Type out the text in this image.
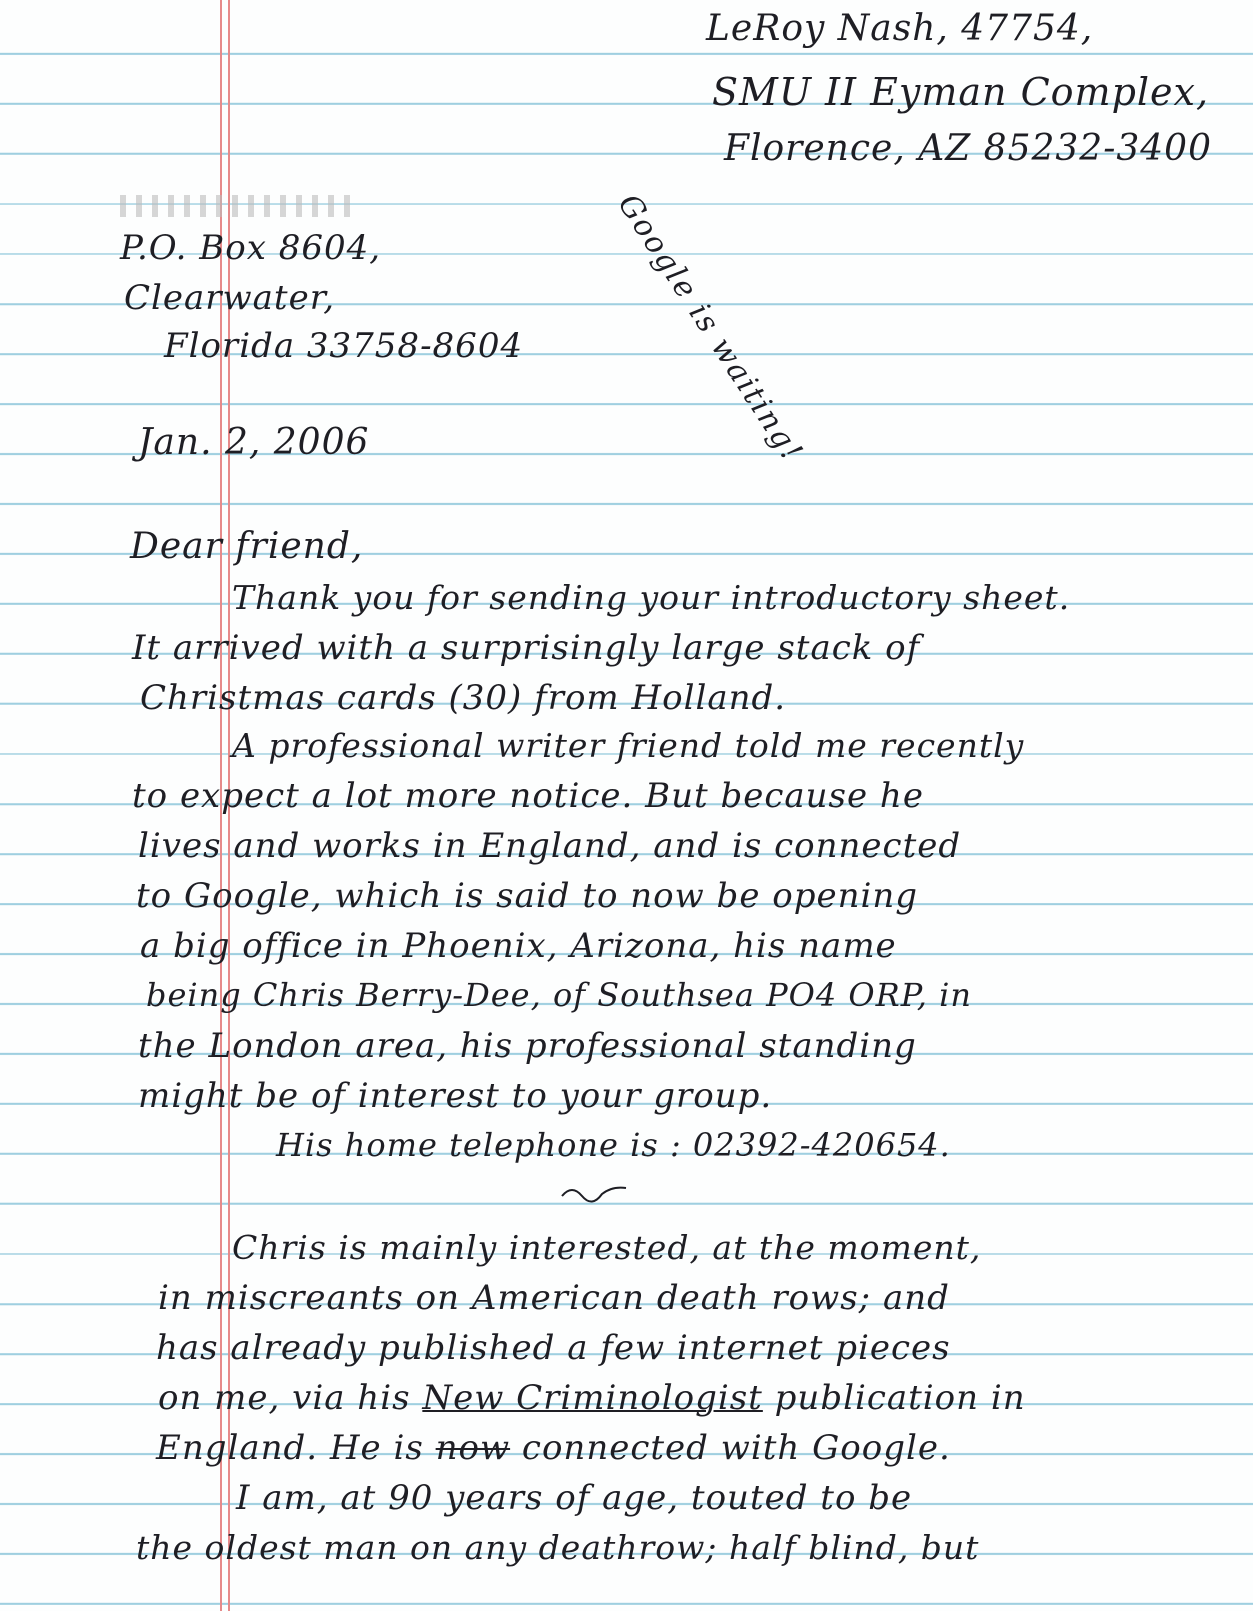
LeRoy Nash, 47754,
SMU II Eyman Complex,
Florence, AZ 85232-3400
P.O. Box 8604,
Clearwater,
Florida 33758-8604	Google is waiting!
Jan. 2, 2006
Dear friend,
Thank you for sending your introductory sheet.
It arrived with a surprisingly large stack of
Christmas cards (30) from Holland.
A professional writer friend told me recently
to expect a lot more notice. But because he
lives and works in England, and is connected
to Google, which is said to now be opening
a big office in Phoenix, Arizona, his name
being Chris Berry-Dee, of Southsea PO4 ORP, in
the London area, his professional standing
might be of interest to your group.
His home telephone is : 02392-420654.
Chris is mainly interested, at the moment,
in miscreants on American death rows; and
has already published a few internet pieces
on me, via his New Criminologist publication in
England. He is now connected with Google.
I am, at 90 years of age, touted to be
the oldest man on any deathrow; half blind, but
